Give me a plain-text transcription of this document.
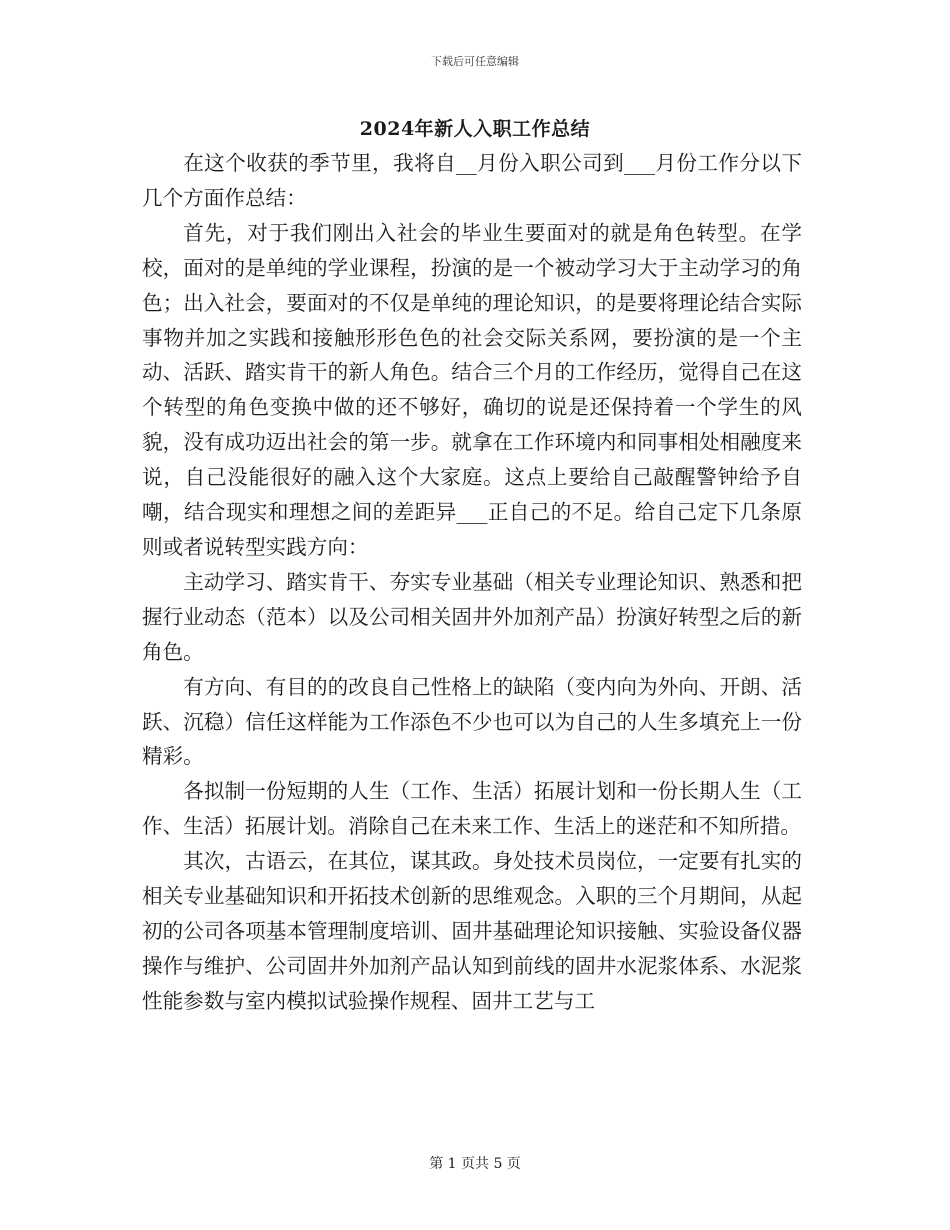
下载后可任意编辑
2024年新人入职工作总结

在这个收获的季节里，我将自__月份入职公司到___月份工作分以下几个方面作总结：

首先，对于我们刚出入社会的毕业生要面对的就是角色转型。在学校，面对的是单纯的学业课程，扮演的是一个被动学习大于主动学习的角色；出入社会，要面对的不仅是单纯的理论知识，的是要将理论结合实际事物并加之实践和接触形形色色的社会交际关系网，要扮演的是一个主动、活跃、踏实肯干的新人角色。结合三个月的工作经历，觉得自己在这个转型的角色变换中做的还不够好，确切的说是还保持着一个学生的风貌，没有成功迈出社会的第一步。就拿在工作环境内和同事相处相融度来说，自己没能很好的融入这个大家庭。这点上要给自己敲醒警钟给予自嘲，结合现实和理想之间的差距异___正自己的不足。给自己定下几条原则或者说转型实践方向：

主动学习、踏实肯干、夯实专业基础（相关专业理论知识、熟悉和把握行业动态（范本）以及公司相关固井外加剂产品）扮演好转型之后的新角色。

有方向、有目的的改良自己性格上的缺陷（变内向为外向、开朗、活跃、沉稳）信任这样能为工作添色不少也可以为自己的人生多填充上一份精彩。

各拟制一份短期的人生（工作、生活）拓展计划和一份长期人生（工作、生活）拓展计划。消除自己在未来工作、生活上的迷茫和不知所措。

其次，古语云，在其位，谋其政。身处技术员岗位，一定要有扎实的相关专业基础知识和开拓技术创新的思维观念。入职的三个月期间，从起初的公司各项基本管理制度培训、固井基础理论知识接触、实验设备仪器操作与维护、公司固井外加剂产品认知到前线的固井水泥浆体系、水泥浆性能参数与室内模拟试验操作规程、固井工艺与工

第 1 页共 5 页
